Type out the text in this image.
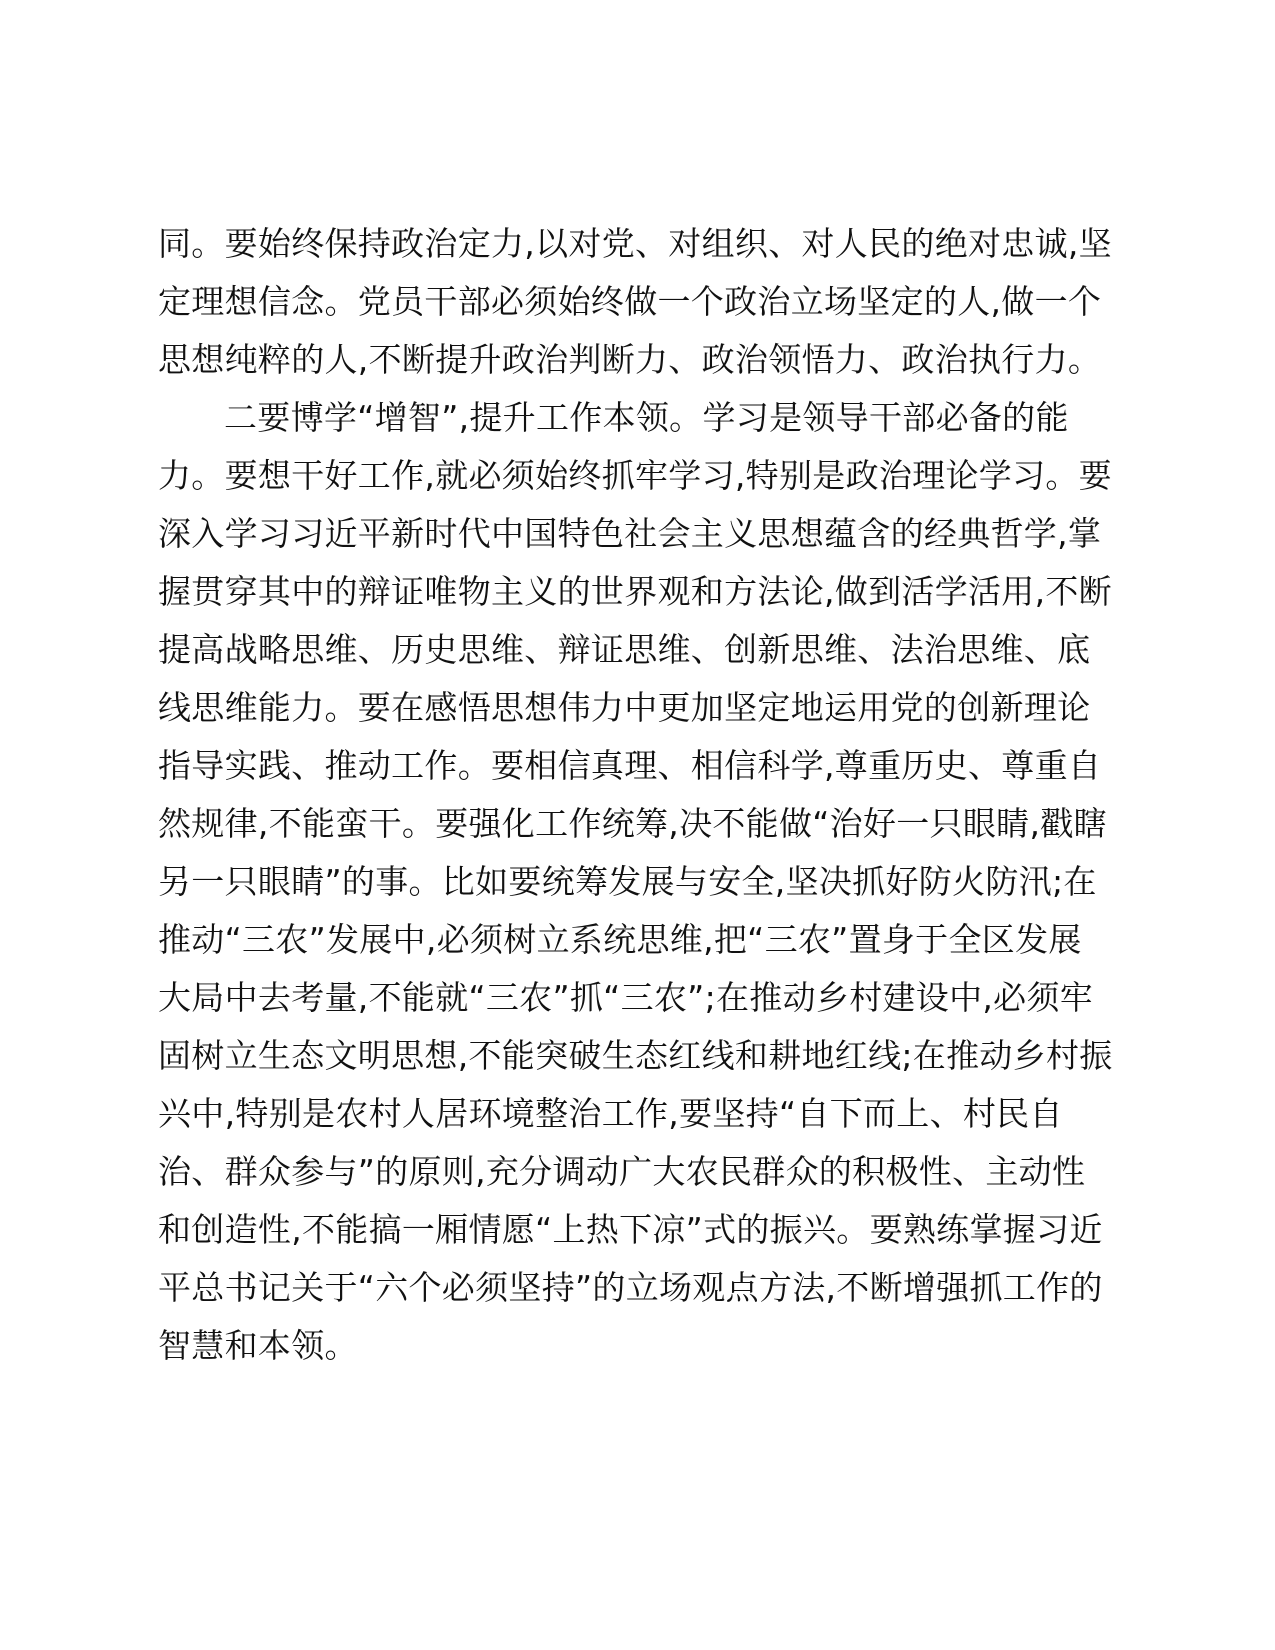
同。要始终保持政治定力,以对党、对组织、对人民的绝对忠诚,坚
定理想信念。党员干部必须始终做一个政治立场坚定的人,做一个
思想纯粹的人,不断提升政治判断力、政治领悟力、政治执行力。
二要博学“增智”,提升工作本领。学习是领导干部必备的能
力。要想干好工作,就必须始终抓牢学习,特别是政治理论学习。要
深入学习习近平新时代中国特色社会主义思想蕴含的经典哲学,掌
握贯穿其中的辩证唯物主义的世界观和方法论,做到活学活用,不断
提高战略思维、历史思维、辩证思维、创新思维、法治思维、底
线思维能力。要在感悟思想伟力中更加坚定地运用党的创新理论
指导实践、推动工作。要相信真理、相信科学,尊重历史、尊重自
然规律,不能蛮干。要强化工作统筹,决不能做“治好一只眼睛,戳瞎
另一只眼睛”的事。比如要统筹发展与安全,坚决抓好防火防汛;在
推动“三农”发展中,必须树立系统思维,把“三农”置身于全区发展
大局中去考量,不能就“三农”抓“三农”;在推动乡村建设中,必须牢
固树立生态文明思想,不能突破生态红线和耕地红线;在推动乡村振
兴中,特别是农村人居环境整治工作,要坚持“自下而上、村民自
治、群众参与”的原则,充分调动广大农民群众的积极性、主动性
和创造性,不能搞一厢情愿“上热下凉”式的振兴。要熟练掌握习近
平总书记关于“六个必须坚持”的立场观点方法,不断增强抓工作的
智慧和本领。
